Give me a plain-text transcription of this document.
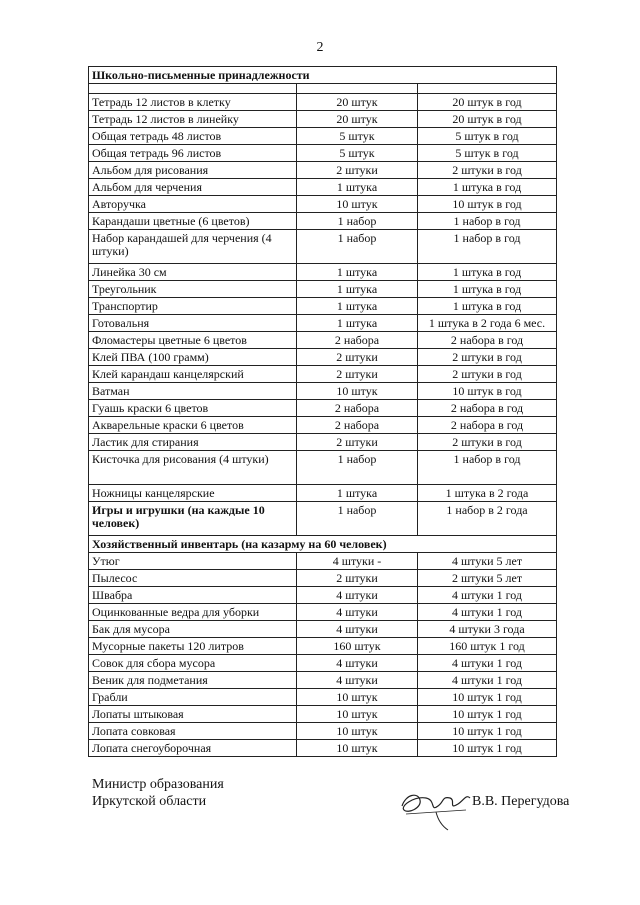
2
Школьно-письменные принадлежности		

Тетрадь 12 листов в клетку	20 штук	20 штук в год
Тетрадь 12 листов в линейку	20 штук	20 штук в год
Общая тетрадь 48 листов	5 штук	5 штук в год
Общая тетрадь 96 листов	5 штук	5 штук в год
Альбом для рисования	2 штуки	2 штуки в год
Альбом для черчения	1 штука	1 штука в год
Авторучка	10 штук	10 штук в год
Карандаши цветные (6 цветов)	1 набор	1 набор в год
Набор карандашей для черчения (4 штуки)	1 набор	1 набор в год
Линейка 30 см	1 штука	1 штука в год
Треугольник	1 штука	1 штука в год
Транспортир	1 штука	1 штука в год
Готовальня	1 штука	1 штука в 2 года 6 мес.
Фломастеры цветные 6 цветов	2 набора	2 набора в год
Клей ПВА (100 грамм)	2 штуки	2 штуки в год
Клей карандаш канцелярский	2 штуки	2 штуки в год
Ватман	10 штук	10 штук в год
Гуашь краски 6 цветов	2 набора	2 набора в год
Акварельные краски 6 цветов	2 набора	2 набора в год
Ластик для стирания	2 штуки	2 штуки в год
Кисточка для рисования (4 штуки)	1 набор	1 набор в год
Ножницы канцелярские	1 штука	1 штука в 2 года
Игры и игрушки (на каждые 10 человек)	1 набор	1 набор в 2 года
Хозяйственный инвентарь (на казарму на 60 человек)		
Утюг	4 штуки -	4 штуки 5 лет
Пылесос	2 штуки	2 штуки 5 лет
Швабра	4 штуки	4 штуки 1 год
Оцинкованные ведра для уборки	4 штуки	4 штуки 1 год
Бак для мусора	4 штуки	4 штуки 3 года
Мусорные пакеты 120 литров	160 штук	160 штук 1 год
Совок для сбора мусора	4 штуки	4 штуки 1 год
Веник для подметания	4 штуки	4 штуки 1 год
Грабли	10 штук	10 штук 1 год
Лопаты штыковая	10 штук	10 штук 1 год
Лопата совковая	10 штук	10 штук 1 год
Лопата снегоуборочная	10 штук	10 штук 1 год
Министр образования
Иркутской области	В.В. Перегудова
